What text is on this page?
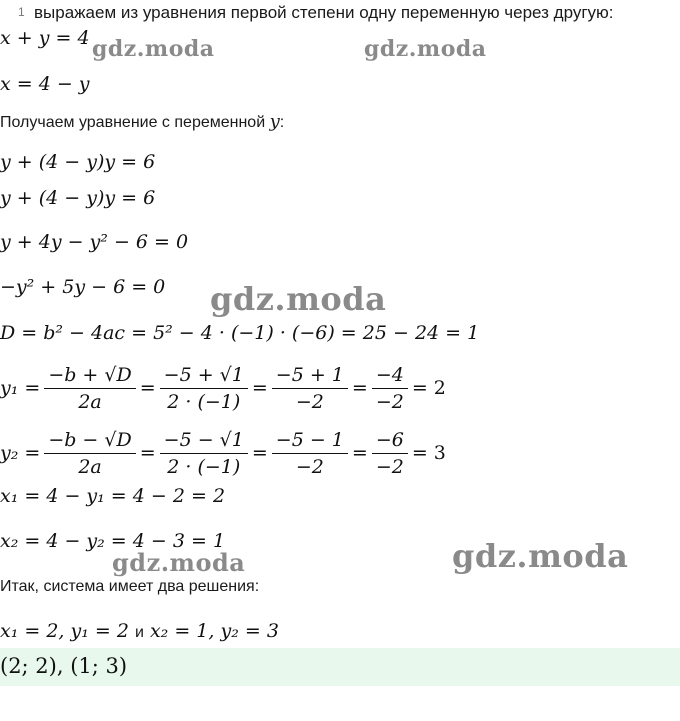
1 выражаем из уравнения первой степени одну переменную через другую:
x + y = 4
x = 4 − y
Получаем уравнение с переменной y:
y + (4 − y)y = 6
y + (4 − y)y = 6
y + 4y − y² − 6 = 0
−y² + 5y − 6 = 0
D = b² − 4ac = 5² − 4 · (−1) · (−6) = 25 − 24 = 1
$y_1 = \frac{-b + √D}{2a} = \frac{-5 + √1}{2 \cdot (-1)} = \frac{-5 + 1}{-2} = \frac{-4}{-2} = 2$
$y_2 = \frac{-b - √D}{2a} = \frac{-5 - √1}{2 \cdot (-1)} = \frac{-5 - 1}{-2} = \frac{-6}{-2} = 3$
x₁ = 4 − y₁ = 4 − 2 = 2
x₂ = 4 − y₂ = 4 − 3 = 1
Итак, система имеет два решения:
x₁ = 2, y₁ = 2 и x₂ = 1, y₂ = 3
(2; 2), (1; 3)
gdz.moda	gdz.moda
gdz.moda
gdz.moda	gdz.moda
